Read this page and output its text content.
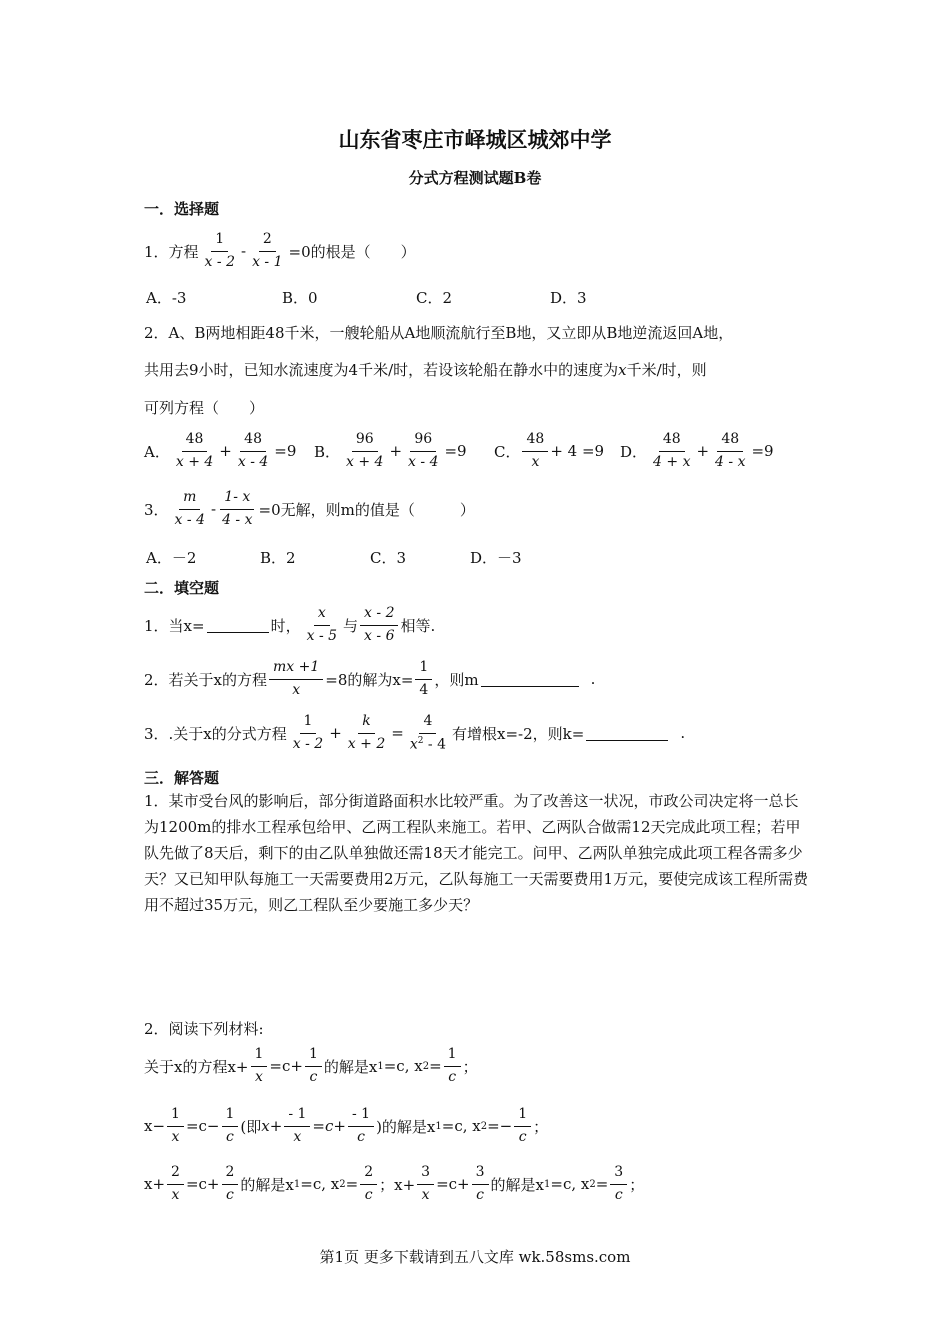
山东省枣庄市峄城区城郊中学
分式方程测试题B卷
一．选择题
1．方程 $\frac{1}{x - 2} - \frac{2}{x - 1} =0$的根是（　　）
A．-3	B．0	C．2	D．3
2．A、B两地相距48千米，一艘轮船从A地顺流航行至B地，又立即从B地逆流返回A地，
共用去9小时，已知水流速度为4千米/时，若设该轮船在静水中的速度为x千米/时，则
可列方程（　　）
A． $\frac{48}{x + 4} + \frac{48}{x - 4} =9$ B． $\frac{96}{x + 4} + \frac{96}{x - 4} =9$ C． $\frac{48}{x} + 4 =9$ D． $\frac{48}{4 + x} + \frac{48}{4 - x} =9$
3． $\frac{m}{x - 4} - \frac{1- x}{4 - x} =0$无解，则m的值是（　　　）
A．－2	B．2	C．3	D．－3
二．填空题
1．当x=	时， $\frac{x}{x - 5}$ 与 $\frac{x - 2}{x - 6}$ 相等.
2．若关于x的方程 $\frac{mx +1}{x} =8$的解为$x= \frac{1}{4}$ ，则m	.
3．.关于x的分式方程 $\frac{1}{x - 2} + \frac{k}{x + 2} = \frac{4}{x^2 - 4}$ 有增根x=-2，则k=	.
三．解答题
1．某市受台风的影响后，部分街道路面积水比较严重。为了改善这一状况，市政公司决定将一总长为1200m的排水工程承包给甲、乙两工程队来施工。若甲、乙两队合做需12天完成此项工程；若甲队先做了8天后，剩下的由乙队单独做还需18天才能完工。问甲、乙两队单独完成此项工程各需多少天？又已知甲队每施工一天需要费用2万元，乙队每施工一天需要费用1万元，要使完成该工程所需费用不超过35万元，则乙工程队至少要施工多少天？
2．阅读下列材料:
关于x的方程$x+ \frac{1}{x} =c+ \frac{1}{c}$ 的解是x 1 =c, x $2 = \frac{1}{c}$ ；
$x- \frac{1}{x} =c- \frac{1}{c}$ (即 $x + \frac{- 1}{x} = c + \frac{- 1}{c}$ )的解是x 1 =c, x $2 =- \frac{1}{c}$ ；
$x+ \frac{2}{x} =c+ \frac{2}{c}$ 的解是x 1 =c, x $2 = \frac{2}{c}$ ；$x+ \frac{3}{x} =c+ \frac{3}{c}$ 的解是x 1 =c, x $2 = \frac{3}{c}$ ；
第1页 更多下载请到五八文库 wk.58sms.com
